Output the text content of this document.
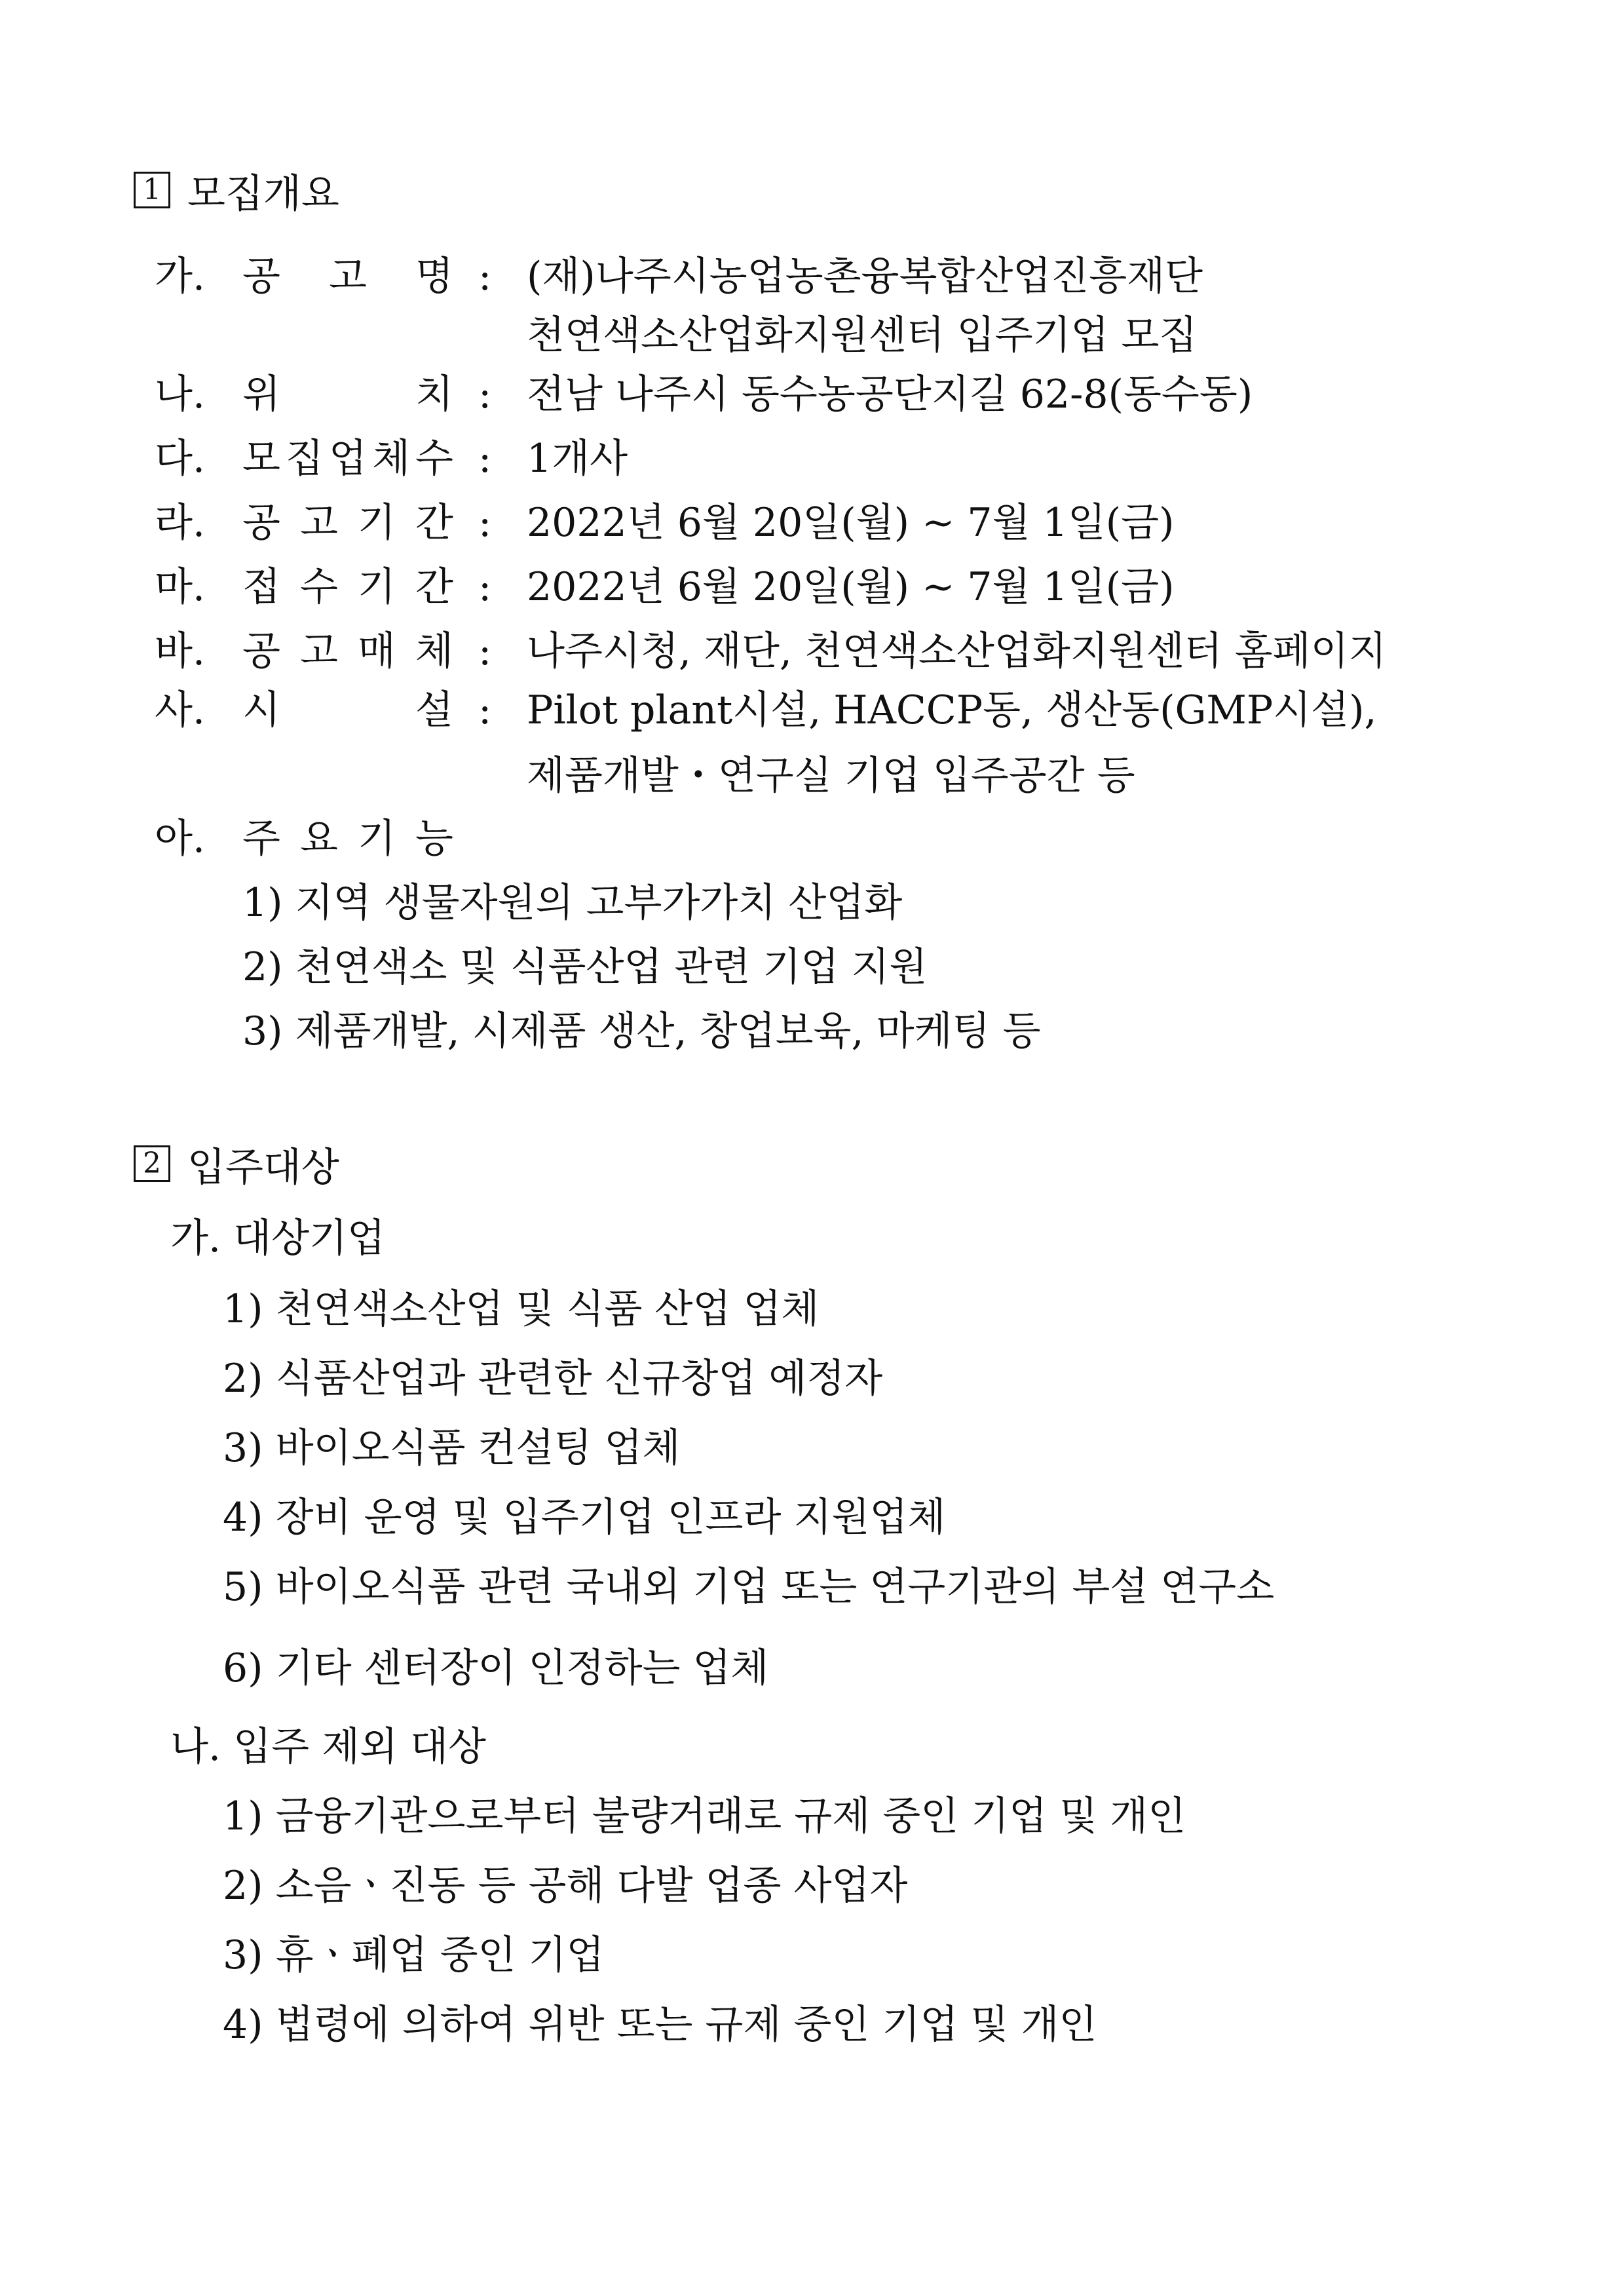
1 모집개요
가. 공 고 명 : (재)나주시농업농촌융복합산업진흥재단
천연색소산업화지원센터 입주기업 모집
나. 위	치 : 전남 나주시 동수농공단지길 62-8(동수동)
다. 모 집 업 체 수 : 1개사
라. 공 고 기 간 : 2022년 6월 20일(월) ~ 7월 1일(금)
마. 접 수 기 간 : 2022년 6월 20일(월) ~ 7월 1일(금)
바. 공 고 매 체 : 나주시청, 재단, 천연색소산업화지원센터 홈페이지
사. 시	설 : Pilot plant시설, HACCP동, 생산동(GMP시설),
제품개발・연구실 기업 입주공간 등
아. 주 요 기 능
1) 지역 생물자원의 고부가가치 산업화
2) 천연색소 및 식품산업 관련 기업 지원
3) 제품개발, 시제품 생산, 창업보육, 마케팅 등
2 입주대상
가. 대상기업
1) 천연색소산업 및 식품 산업 업체
2) 식품산업과 관련한 신규창업 예정자
3) 바이오식품 컨설팅 업체
4) 장비 운영 및 입주기업 인프라 지원업체
5) 바이오식품 관련 국내외 기업 또는 연구기관의 부설 연구소
6) 기타 센터장이 인정하는 업체
나. 입주 제외 대상
1) 금융기관으로부터 불량거래로 규제 중인 기업 및 개인
2) 소음ㆍ진동 등 공해 다발 업종 사업자
3) 휴ㆍ폐업 중인 기업
4) 법령에 의하여 위반 또는 규제 중인 기업 및 개인
